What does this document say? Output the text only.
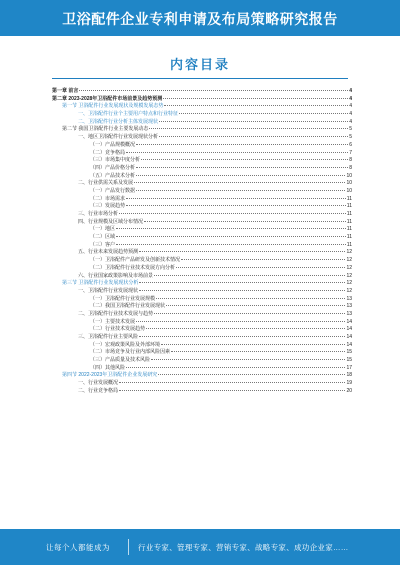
卫浴配件企业专利申请及布局策略研究报告
内容目录
第一章 前言	4
第二章 2023-2028年卫浴配件市场前景及趋势预测	4
第一节 卫浴配件行业发展现状及规模发展态势	4
一、卫浴配件行业个主要用户特点和行业特征	4
二、卫浴配件行业分析主体发展现状	4
第二节 我国卫浴配件行业主要发展动态	5
一、地区卫浴配件行业发展现状分析	5
（一）产品规模概况	6
（二）竞争格局	7
（三）市场集中度分析	8
（四）产品价格分析	8
（五）产品技术分析	10
二、行业供需关系及发展	10
（一）产品发行数据	10
（二）市场需求	11
（三）发展趋势	11
三、行业市场分析	11
四、行业规模及区域分布情况	11
（一）地区	11
（二）区域	11
（三）客户	11
五、行业未来发展趋势预测	12
（一）卫浴配件产品研发及创新技术情况	12
（二）卫浴配件行业技术发展方向分析	12
六、行业国家政策影响及市场前景	12
第三节 卫浴配件行业发展现状分析	12
一、卫浴配件行业发展现状	12
（一）卫浴配件行业发展规模	13
（二）我国卫浴配件行业发展现状	13
二、卫浴配件行业技术发展与趋势	13
（一）主要技术发展	14
（二）行业技术发展趋势	14
三、卫浴配件行业主要风险	14
（一）宏观政策风险及外部环境	14
（二）市场竞争及行业内部风险因素	15
（三）产品质量及技术风险	15
（四）其他风险	17
第四节 2022-2023年卫浴配件企业发展研究	18
一、行业发展概况	19
二、行业竞争格局	20
让每个人都能成为	行业专家、管理专家、营销专家、战略专家、成功企业家……
